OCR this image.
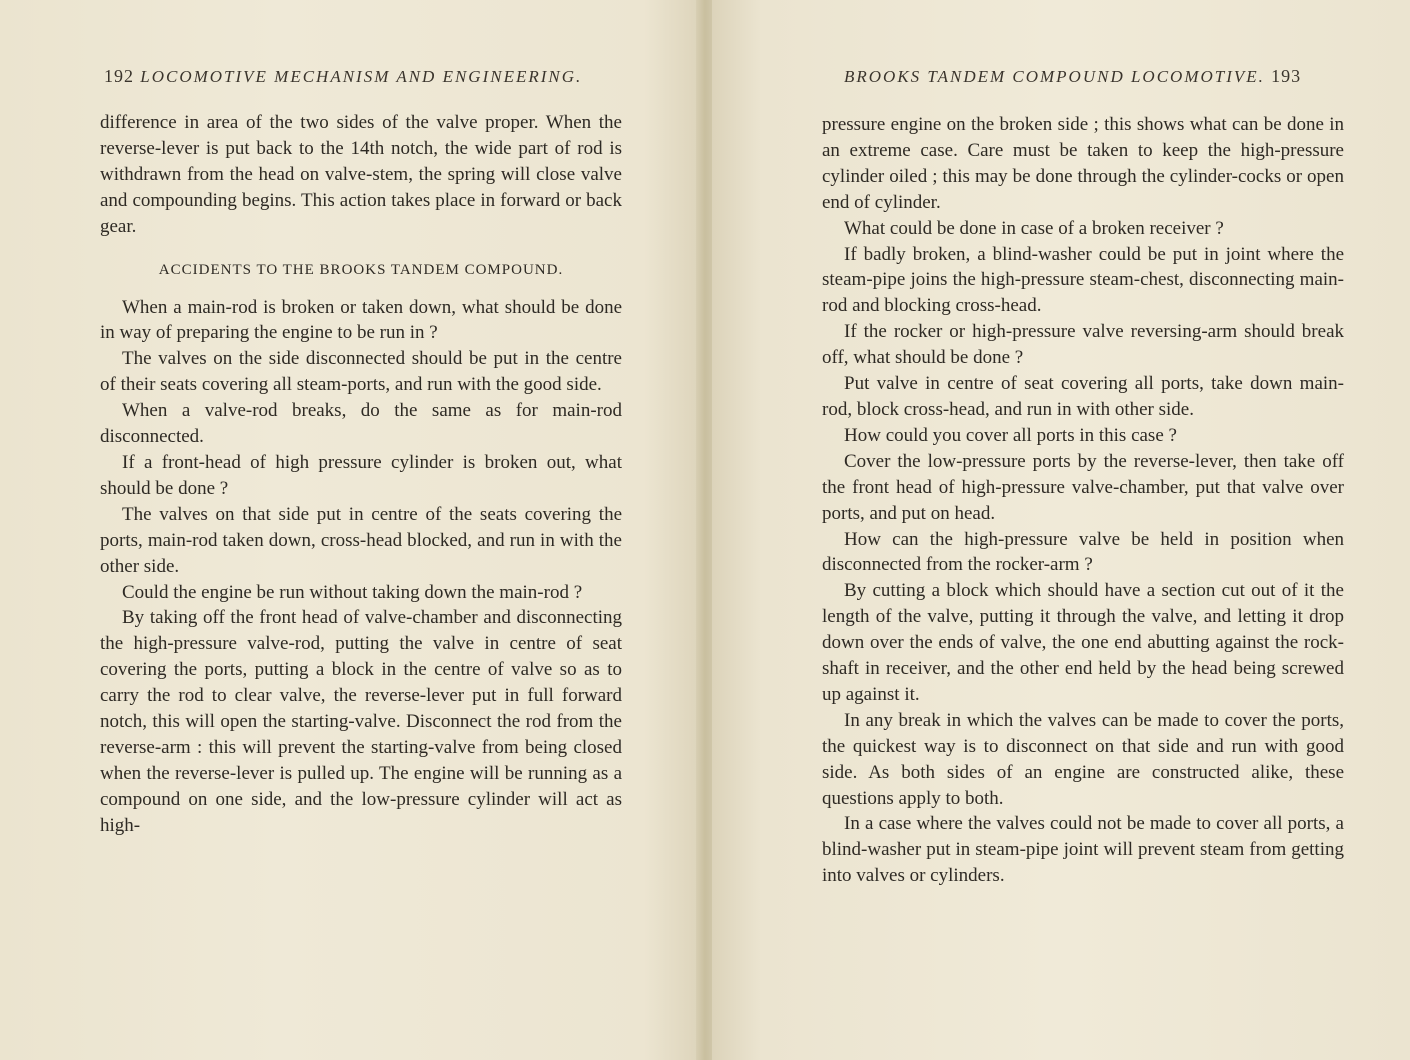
192 LOCOMOTIVE MECHANISM AND ENGINEERING.

difference in area of the two sides of the valve proper. When the reverse-lever is put back to the 14th notch, the wide part of rod is withdrawn from the head on valve-stem, the spring will close valve and compounding begins. This action takes place in forward or back gear.

ACCIDENTS TO THE BROOKS TANDEM COMPOUND.

When a main-rod is broken or taken down, what should be done in way of preparing the engine to be run in ?

The valves on the side disconnected should be put in the centre of their seats covering all steam-ports, and run with the good side.

When a valve-rod breaks, do the same as for main-rod disconnected.

If a front-head of high pressure cylinder is broken out, what should be done ?

The valves on that side put in centre of the seats covering the ports, main-rod taken down, cross-head blocked, and run in with the other side.

Could the engine be run without taking down the main-rod ?

By taking off the front head of valve-chamber and disconnecting the high-pressure valve-rod, putting the valve in centre of seat covering the ports, putting a block in the centre of valve so as to carry the rod to clear valve, the reverse-lever put in full forward notch, this will open the starting-valve. Disconnect the rod from the reverse-arm : this will prevent the starting-valve from being closed when the reverse-lever is pulled up. The engine will be running as a compound on one side, and the low-pressure cylinder will act as high-

BROOKS TANDEM COMPOUND LOCOMOTIVE. 193

pressure engine on the broken side ; this shows what can be done in an extreme case. Care must be taken to keep the high-pressure cylinder oiled ; this may be done through the cylinder-cocks or open end of cylinder.

What could be done in case of a broken receiver ?

If badly broken, a blind-washer could be put in joint where the steam-pipe joins the high-pressure steam-chest, disconnecting main-rod and blocking cross-head.

If the rocker or high-pressure valve reversing-arm should break off, what should be done ?

Put valve in centre of seat covering all ports, take down main-rod, block cross-head, and run in with other side.

How could you cover all ports in this case ?

Cover the low-pressure ports by the reverse-lever, then take off the front head of high-pressure valve-chamber, put that valve over ports, and put on head.

How can the high-pressure valve be held in position when disconnected from the rocker-arm ?

By cutting a block which should have a section cut out of it the length of the valve, putting it through the valve, and letting it drop down over the ends of valve, the one end abutting against the rock-shaft in receiver, and the other end held by the head being screwed up against it.

In any break in which the valves can be made to cover the ports, the quickest way is to disconnect on that side and run with good side. As both sides of an engine are constructed alike, these questions apply to both.

In a case where the valves could not be made to cover all ports, a blind-washer put in steam-pipe joint will prevent steam from getting into valves or cylinders.
